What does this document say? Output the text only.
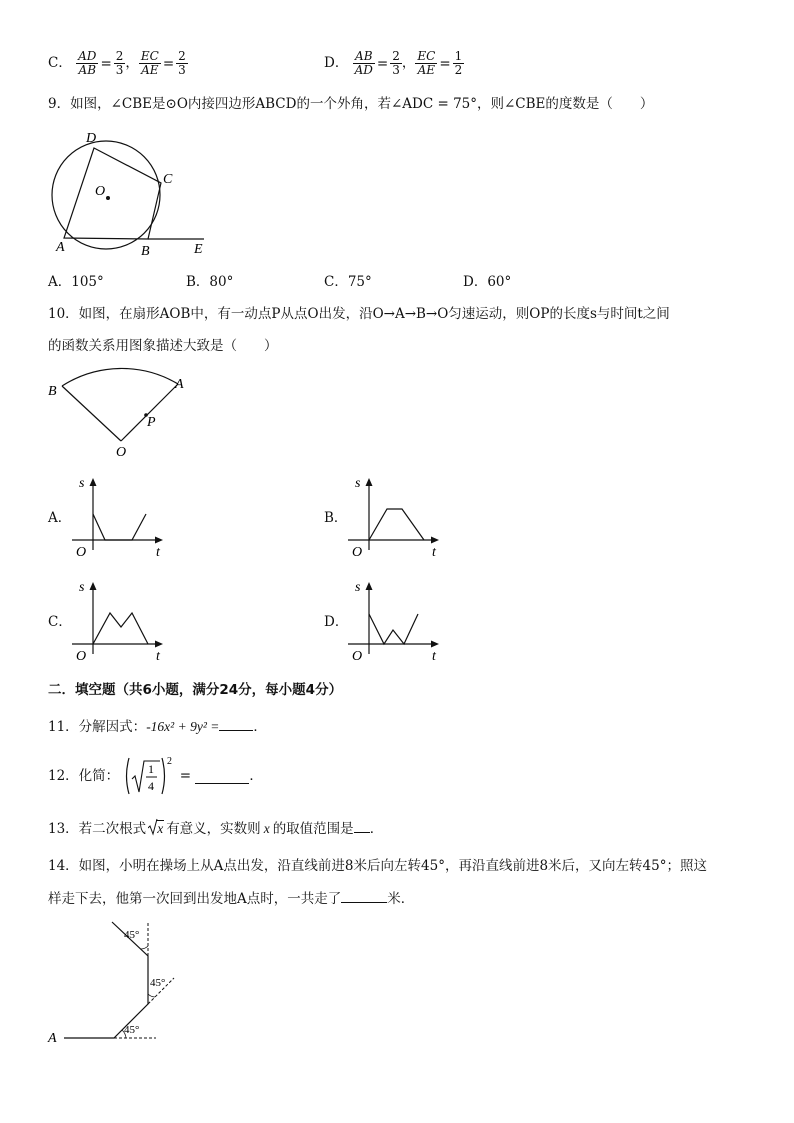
C． $\frac{AD}{AB} = \frac{2}{3}$ ， $\frac{EC}{AE} = \frac{2}{3}$	D． $\frac{AB}{AD} = \frac{2}{3}$ ， $\frac{EC}{AE} = \frac{1}{2}$
9．如图，∠CBE是⊙O内接四边形ABCD的一个外角，若∠ADC = 75°，则∠CBE的度数是（　　）
D
C
O
A	B	E
A．105°	B．80°	C．75°	D．60°
10．如图，在扇形AOB中，有一动点P从点O出发，沿O→A→B→O匀速运动，则OP的长度s与时间t之间
的函数关系用图象描述大致是（　　）
B	A
P
O
A．
s
t
O
B．
s
t
O
C．
s
t
O
D．
s
t
O
二．填空题（共6小题，满分24分，每小题4分）
11．分解因式：-16x² + 9y² =	．
12．化简： 1
4
2
=	．
13．若二次根式 x 有意义，实数则 x 的取值范围是 ．
14．如图，小明在操场上从A点出发，沿直线前进8米后向左转45°，再沿直线前进8米后，又向左转45°；照这
样走下去，他第一次回到出发地A点时，一共走了	米．
45°
45°
45°
A
